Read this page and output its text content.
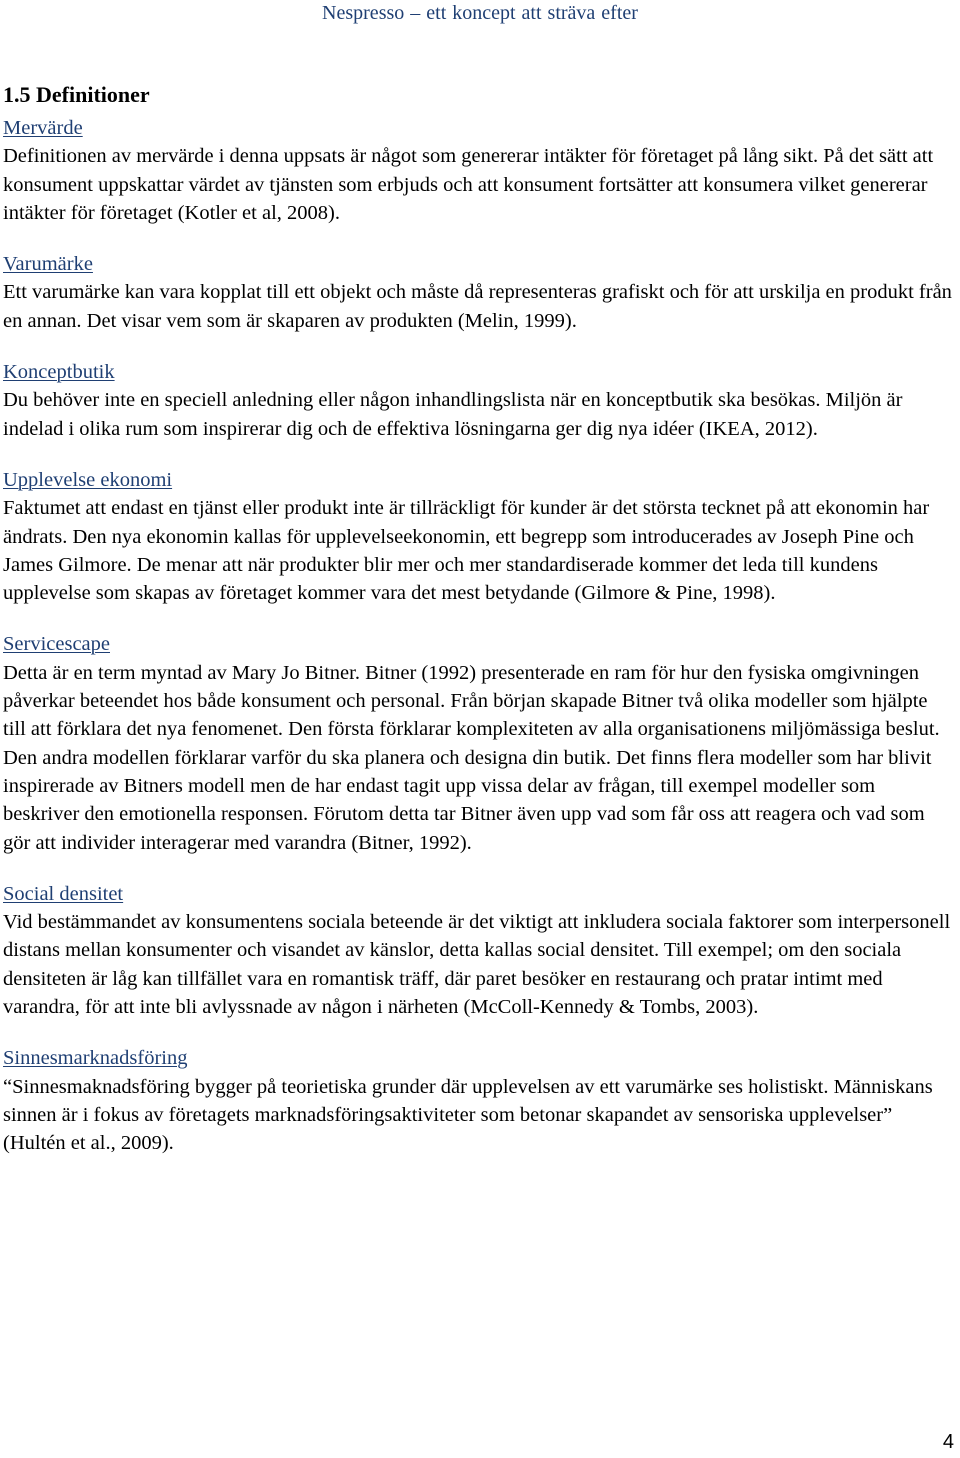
Nespresso – ett koncept att sträva efter
1.5 Definitioner
Mervärde

Definitionen av mervärde i denna uppsats är något som genererar intäkter för företaget på lång sikt. På det sätt att konsument uppskattar värdet av tjänsten som erbjuds och att konsument fortsätter att konsumera vilket genererar intäkter för företaget (Kotler et al, 2008).

Varumärke

Ett varumärke kan vara kopplat till ett objekt och måste då representeras grafiskt och för att urskilja en produkt från en annan. Det visar vem som är skaparen av produkten (Melin, 1999).

Konceptbutik

Du behöver inte en speciell anledning eller någon inhandlingslista när en konceptbutik ska besökas. Miljön är indelad i olika rum som inspirerar dig och de effektiva lösningarna ger dig nya idéer (IKEA, 2012).

Upplevelse ekonomi

Faktumet att endast en tjänst eller produkt inte är tillräckligt för kunder är det största tecknet på att ekonomin har ändrats. Den nya ekonomin kallas för upplevelseekonomin, ett begrepp som introducerades av Joseph Pine och James Gilmore. De menar att när produkter blir mer och mer standardiserade kommer det leda till kundens upplevelse som skapas av företaget kommer vara det mest betydande (Gilmore & Pine, 1998).

Servicescape

Detta är en term myntad av Mary Jo Bitner. Bitner (1992) presenterade en ram för hur den fysiska omgivningen påverkar beteendet hos både konsument och personal. Från början skapade Bitner två olika modeller som hjälpte till att förklara det nya fenomenet. Den första förklarar komplexiteten av alla organisationens miljömässiga beslut. Den andra modellen förklarar varför du ska planera och designa din butik. Det finns flera modeller som har blivit inspirerade av Bitners modell men de har endast tagit upp vissa delar av frågan, till exempel modeller som beskriver den emotionella responsen. Förutom detta tar Bitner även upp vad som får oss att reagera och vad som gör att individer interagerar med varandra (Bitner, 1992).

Social densitet

Vid bestämmandet av konsumentens sociala beteende är det viktigt att inkludera sociala faktorer som interpersonell distans mellan konsumenter och visandet av känslor, detta kallas social densitet. Till exempel; om den sociala densiteten är låg kan tillfället vara en romantisk träff, där paret besöker en restaurang och pratar intimt med varandra, för att inte bli avlyssnade av någon i närheten (McColl-Kennedy & Tombs, 2003).

Sinnesmarknadsföring

“Sinnesmaknadsföring bygger på teorietiska grunder där upplevelsen av ett varumärke ses holistiskt. Människans sinnen är i fokus av företagets marknadsföringsaktiviteter som betonar skapandet av sensoriska upplevelser” (Hultén et al., 2009).

4
